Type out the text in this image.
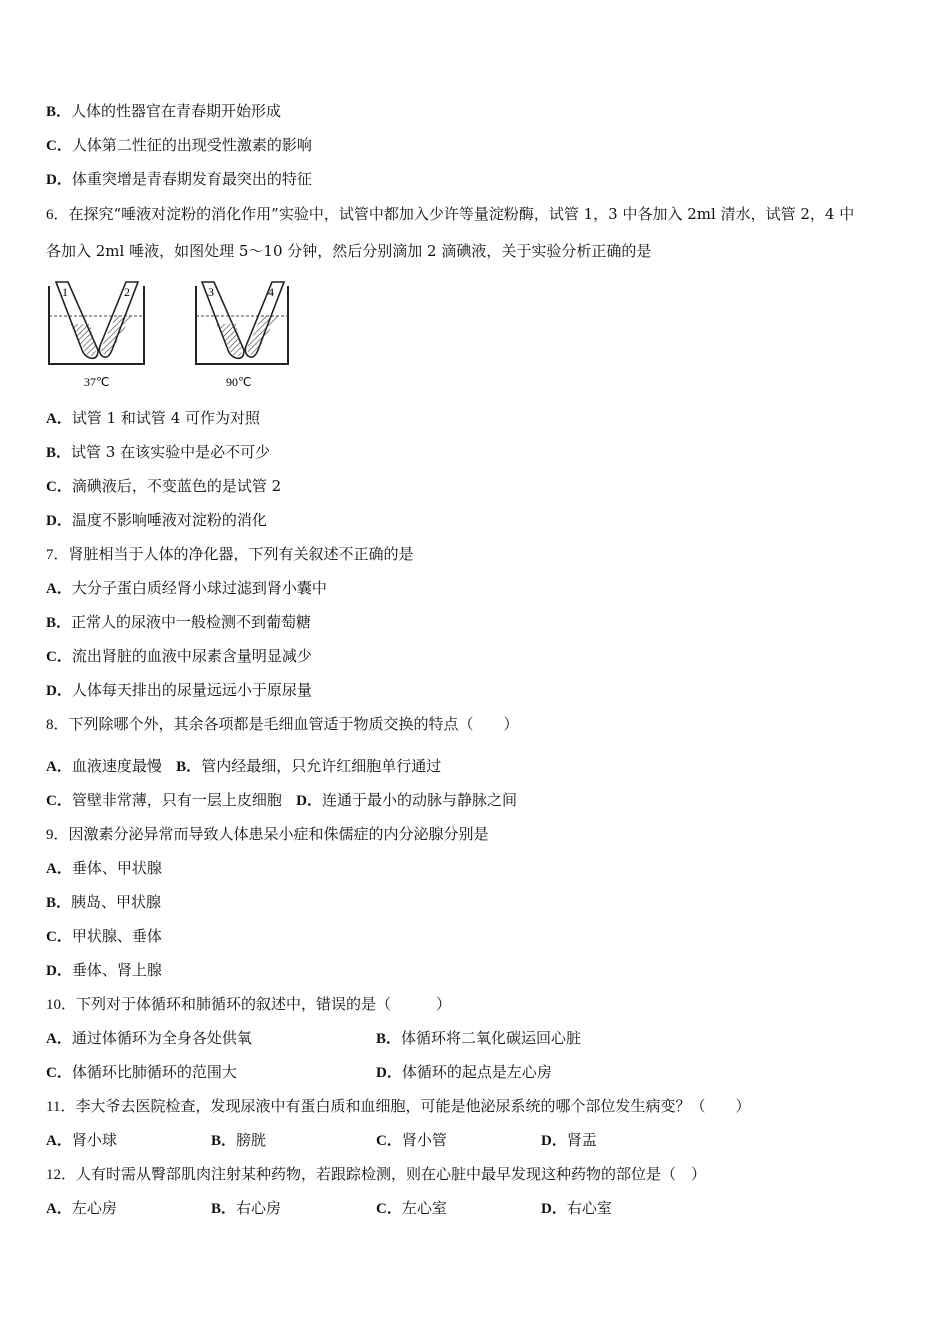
B．人体的性器官在青春期开始形成
C．人体第二性征的出现受性激素的影响
D．体重突增是青春期发育最突出的特征
6．在探究“唾液对淀粉的消化作用”实验中，试管中都加入少许等量淀粉酶，试管 1，3 中各加入 2ml 清水，试管 2，4 中
各加入 2ml 唾液，如图处理 5～10 分钟，然后分别滴加 2 滴碘液，关于实验分析正确的是
1	2	3	4
37℃	90℃
A．试管 1 和试管 4 可作为对照
B．试管 3 在该实验中是必不可少
C．滴碘液后，不变蓝色的是试管 2
D．温度不影响唾液对淀粉的消化
7．肾脏相当于人体的净化器，下列有关叙述不正确的是
A．大分子蛋白质经肾小球过滤到肾小囊中
B．正常人的尿液中一般检测不到葡萄糖
C．流出肾脏的血液中尿素含量明显减少
D．人体每天排出的尿量远远小于原尿量
8．下列除哪个外，其余各项都是毛细血管适于物质交换的特点（　　）
A．血液速度最慢 B．管内经最细，只允许红细胞单行通过
C．管壁非常薄，只有一层上皮细胞 D．连通于最小的动脉与静脉之间
9．因激素分泌异常而导致人体患呆小症和侏儒症的内分泌腺分别是
A．垂体、甲状腺
B．胰岛、甲状腺
C．甲状腺、垂体
D．垂体、肾上腺
10．下列对于体循环和肺循环的叙述中，错误的是（　　　）
A．通过体循环为全身各处供氧	B．体循环将二氧化碳运回心脏
C．体循环比肺循环的范围大	D．体循环的起点是左心房
11．李大爷去医院检查，发现尿液中有蛋白质和血细胞，可能是他泌尿系统的哪个部位发生病变？（　　）
A．肾小球	B．膀胱	C．肾小管	D．肾盂
12．人有时需从臀部肌肉注射某种药物，若跟踪检测，则在心脏中最早发现这种药物的部位是（　）
A．左心房	B．右心房	C．左心室	D．右心室
